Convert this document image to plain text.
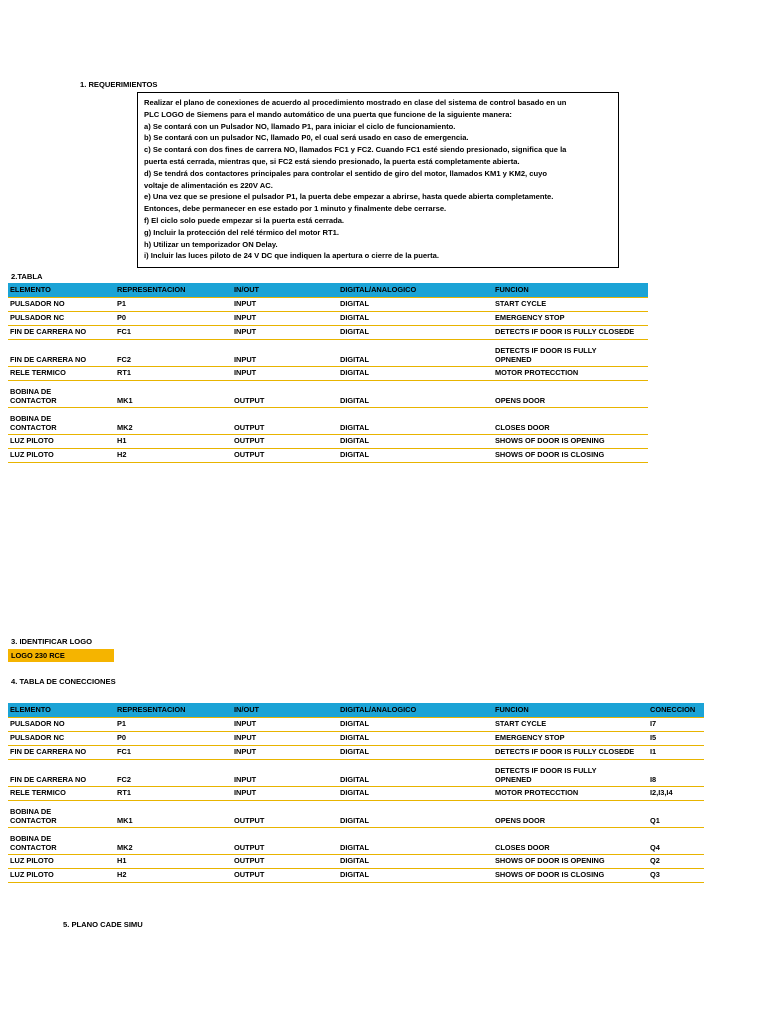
1. REQUERIMIENTOS

Realizar el plano de conexiones de acuerdo al procedimiento mostrado en clase del sistema de control basado en un

PLC LOGO de Siemens para el mando automático de una puerta que funcione de la siguiente manera:

a) Se contará con un Pulsador NO, llamado P1, para iniciar el ciclo de funcionamiento.

b) Se contará con un pulsador NC, llamado P0, el cual será usado en caso de emergencia.

c) Se contará con dos fines de carrera NO, llamados FC1 y FC2. Cuando FC1 esté siendo presionado, significa que la

puerta está cerrada, mientras que, si FC2 está siendo presionado, la puerta está completamente abierta.

d) Se tendrá dos contactores principales para controlar el sentido de giro del motor, llamados KM1 y KM2, cuyo

voltaje de alimentación es 220V AC.

e) Una vez que se presione el pulsador P1, la puerta debe empezar a abrirse, hasta quede abierta completamente.

Entonces, debe permanecer en ese estado por 1 minuto y finalmente debe cerrarse.

f) El ciclo solo puede empezar si la puerta está cerrada.

g) Incluir la protección del relé térmico del motor RT1.

h) Utilizar un temporizador ON Delay.

i) Incluir las luces piloto de 24 V DC que indiquen la apertura o cierre de la puerta.

2.TABLA
ELEMENTO	REPRESENTACION	IN/OUT	DIGITAL/ANALOGICO	FUNCION
PULSADOR NO	P1	INPUT	DIGITAL	START CYCLE
PULSADOR NC	P0	INPUT	DIGITAL	EMERGENCY STOP
FIN DE CARRERA NO	FC1	INPUT	DIGITAL	DETECTS IF DOOR IS FULLY CLOSEDE
FIN DE CARRERA NO	FC2	INPUT	DIGITAL	DETECTS IF DOOR IS FULLY OPNENED
RELE TERMICO	RT1	INPUT	DIGITAL	MOTOR PROTECCTION
BOBINA DE CONTACTOR	MK1	OUTPUT	DIGITAL	OPENS DOOR
BOBINA DE CONTACTOR	MK2	OUTPUT	DIGITAL	CLOSES DOOR
LUZ PILOTO	H1	OUTPUT	DIGITAL	SHOWS OF DOOR IS OPENING
LUZ PILOTO	H2	OUTPUT	DIGITAL	SHOWS OF DOOR IS CLOSING
3. IDENTIFICAR LOGO
LOGO 230 RCE
4. TABLA DE CONECCIONES
ELEMENTO	REPRESENTACION	IN/OUT	DIGITAL/ANALOGICO	FUNCION	CONECCION
PULSADOR NO	P1	INPUT	DIGITAL	START CYCLE	I7
PULSADOR NC	P0	INPUT	DIGITAL	EMERGENCY STOP	I5
FIN DE CARRERA NO	FC1	INPUT	DIGITAL	DETECTS IF DOOR IS FULLY CLOSEDE	I1
FIN DE CARRERA NO	FC2	INPUT	DIGITAL	DETECTS IF DOOR IS FULLY OPNENED	I8
RELE TERMICO	RT1	INPUT	DIGITAL	MOTOR PROTECCTION	I2,I3,I4
BOBINA DE CONTACTOR	MK1	OUTPUT	DIGITAL	OPENS DOOR	Q1
BOBINA DE CONTACTOR	MK2	OUTPUT	DIGITAL	CLOSES DOOR	Q4
LUZ PILOTO	H1	OUTPUT	DIGITAL	SHOWS OF DOOR IS OPENING	Q2
LUZ PILOTO	H2	OUTPUT	DIGITAL	SHOWS OF DOOR IS CLOSING	Q3
5. PLANO CADE SIMU
